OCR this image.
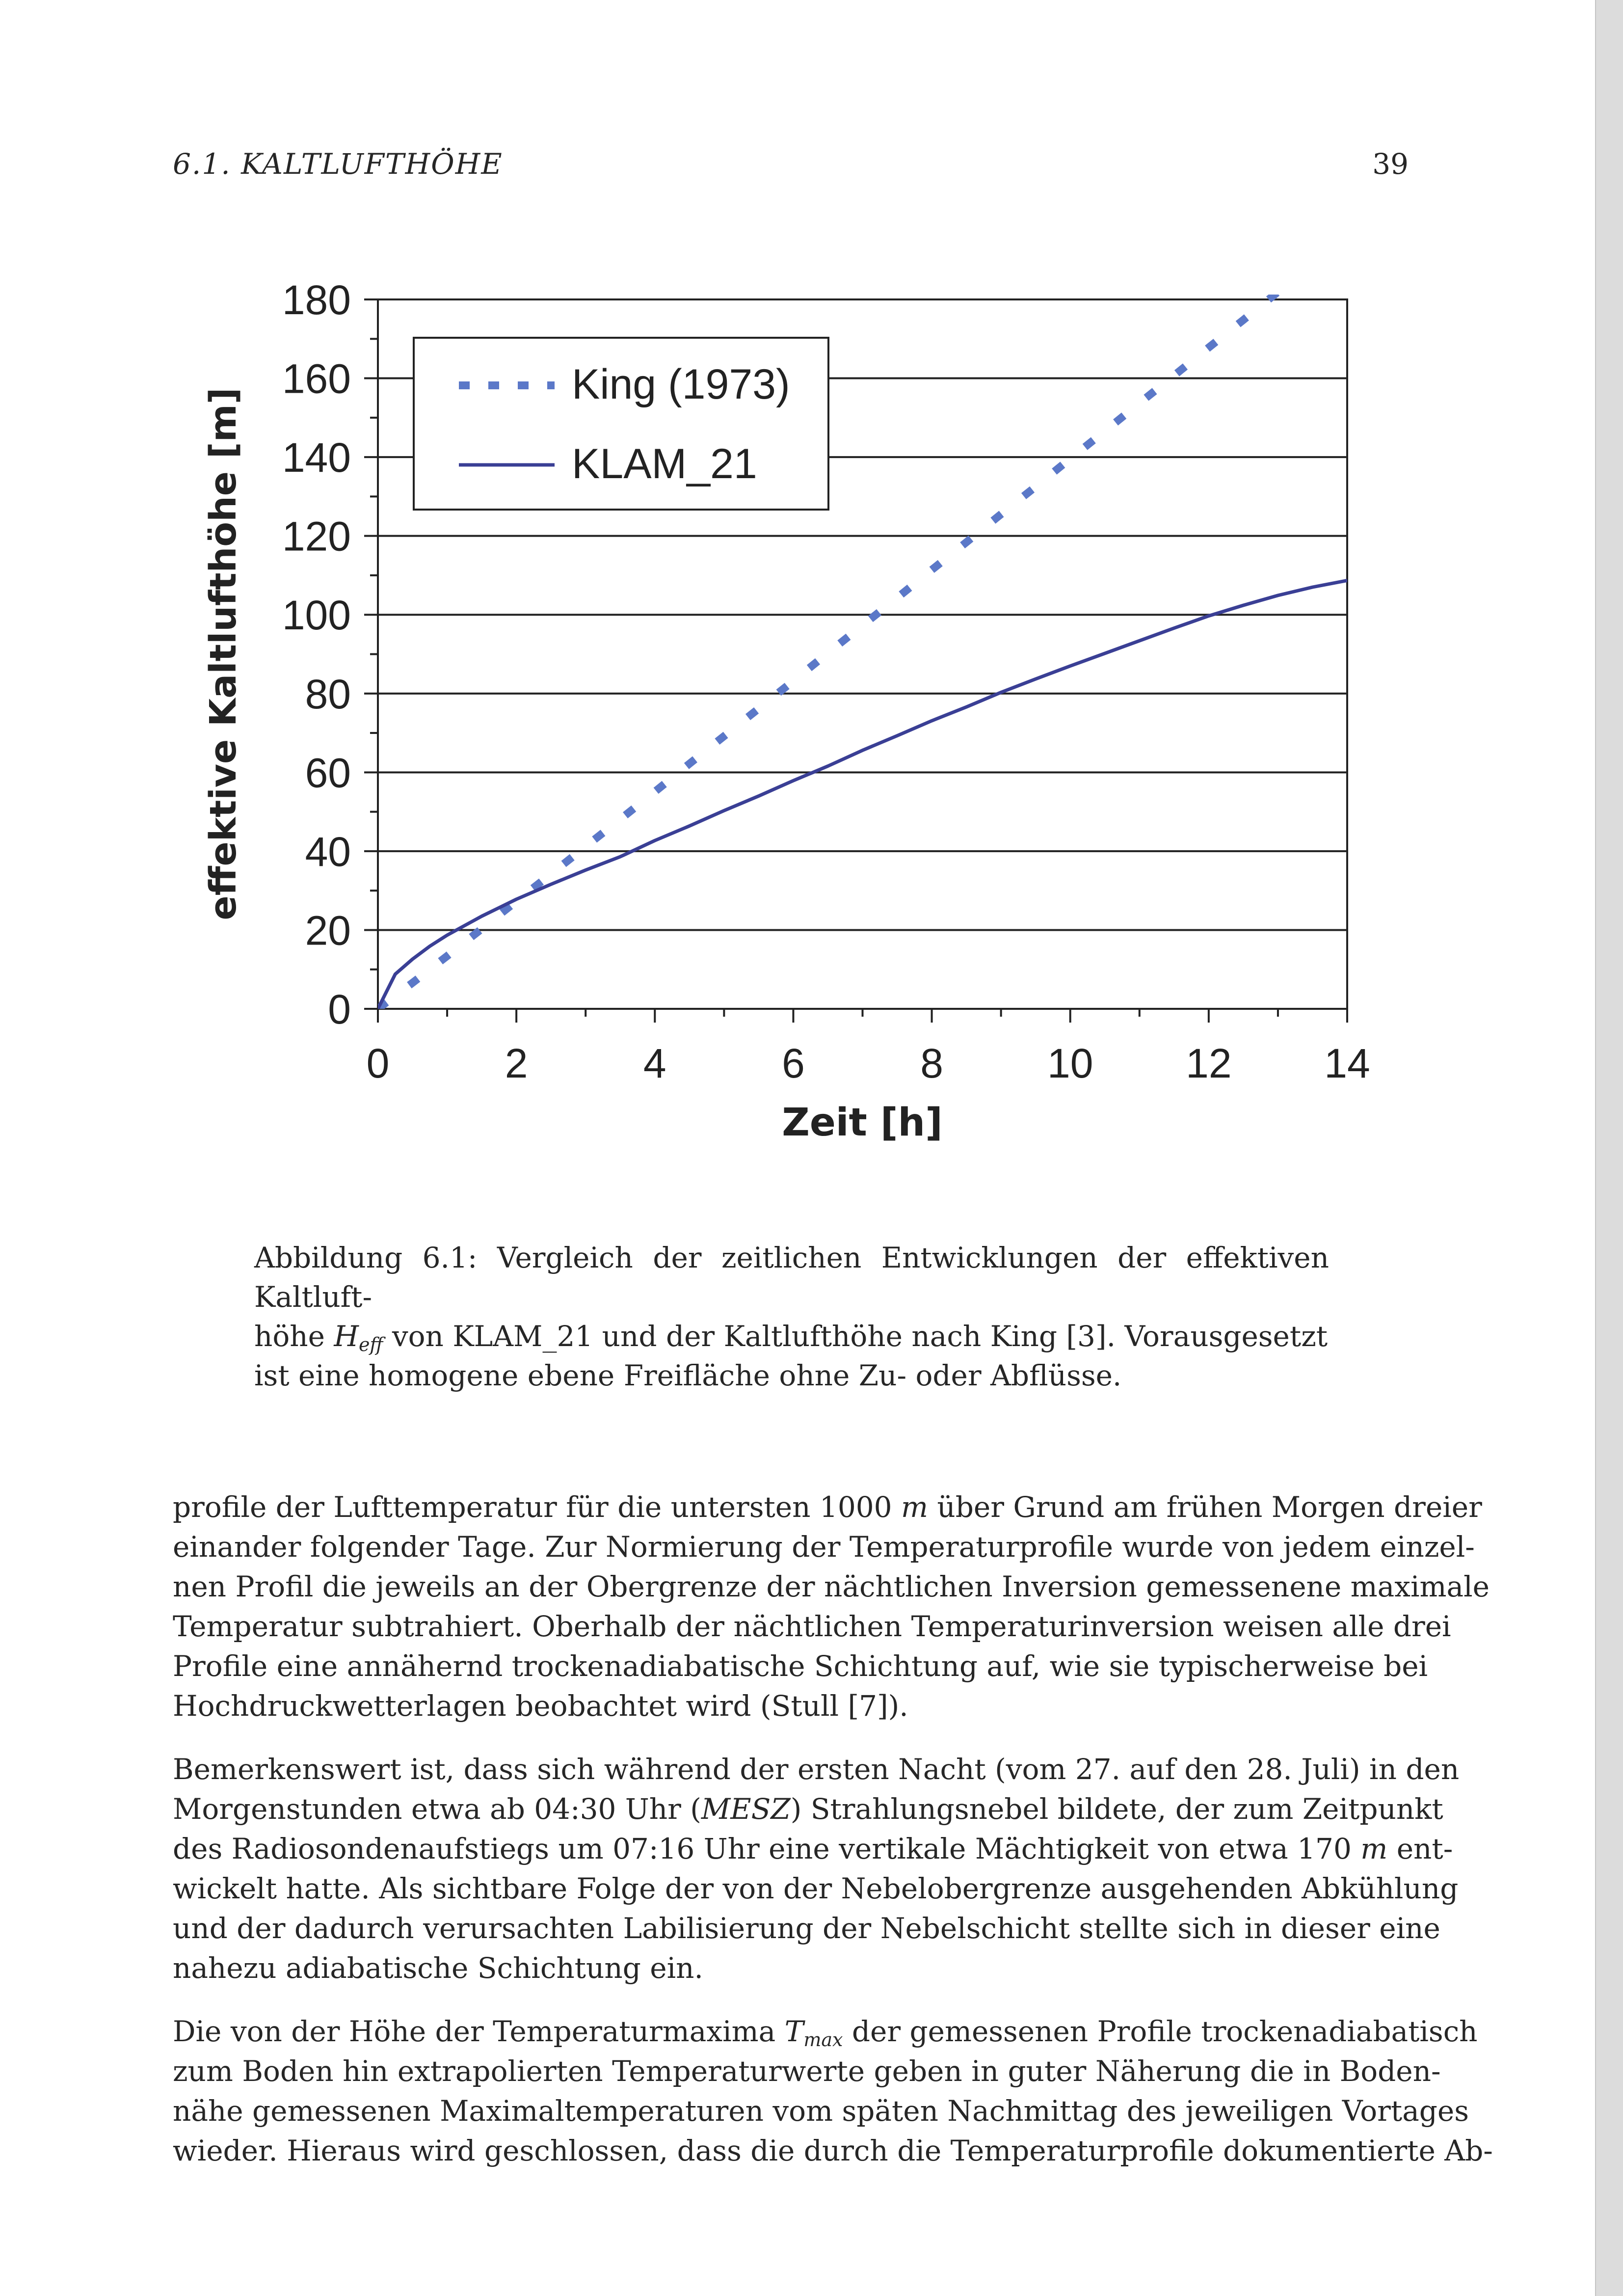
6.1. KALTLUFTHÖHE	39
0
20
40
60
80
100
120
140
160
180
0	2	4	6	8	10 12 14
King (1973)
KLAM_21
effektive Kaltlufthöhe [m]
Zeit [h]
Abbildung 6.1: Vergleich der zeitlichen Entwicklungen der effektiven Kaltluft-
höhe $H_{eff}$ von KLAM_21 und der Kaltlufthöhe nach King [3]. Vorausgesetzt
ist eine homogene ebene Freifläche ohne Zu- oder Abflüsse.
profile der Lufttemperatur für die untersten 1000 m über Grund am frühen Morgen dreier
einander folgender Tage. Zur Normierung der Temperaturprofile wurde von jedem einzel-
nen Profil die jeweils an der Obergrenze der nächtlichen Inversion gemessenene maximale
Temperatur subtrahiert. Oberhalb der nächtlichen Temperaturinversion weisen alle drei
Profile eine annähernd trockenadiabatische Schichtung auf, wie sie typischerweise bei
Hochdruckwetterlagen beobachtet wird (Stull [7]).
Bemerkenswert ist, dass sich während der ersten Nacht (vom 27. auf den 28. Juli) in den
Morgenstunden etwa ab 04:30 Uhr (MESZ) Strahlungsnebel bildete, der zum Zeitpunkt
des Radiosondenaufstiegs um 07:16 Uhr eine vertikale Mächtigkeit von etwa 170 m ent-
wickelt hatte. Als sichtbare Folge der von der Nebelobergrenze ausgehenden Abkühlung
und der dadurch verursachten Labilisierung der Nebelschicht stellte sich in dieser eine
nahezu adiabatische Schichtung ein.
Die von der Höhe der Temperaturmaxima Tmax der gemessenen Profile trockenadiabatisch
zum Boden hin extrapolierten Temperaturwerte geben in guter Näherung die in Boden-
nähe gemessenen Maximaltemperaturen vom späten Nachmittag des jeweiligen Vortages
wieder. Hieraus wird geschlossen, dass die durch die Temperaturprofile dokumentierte Ab-
